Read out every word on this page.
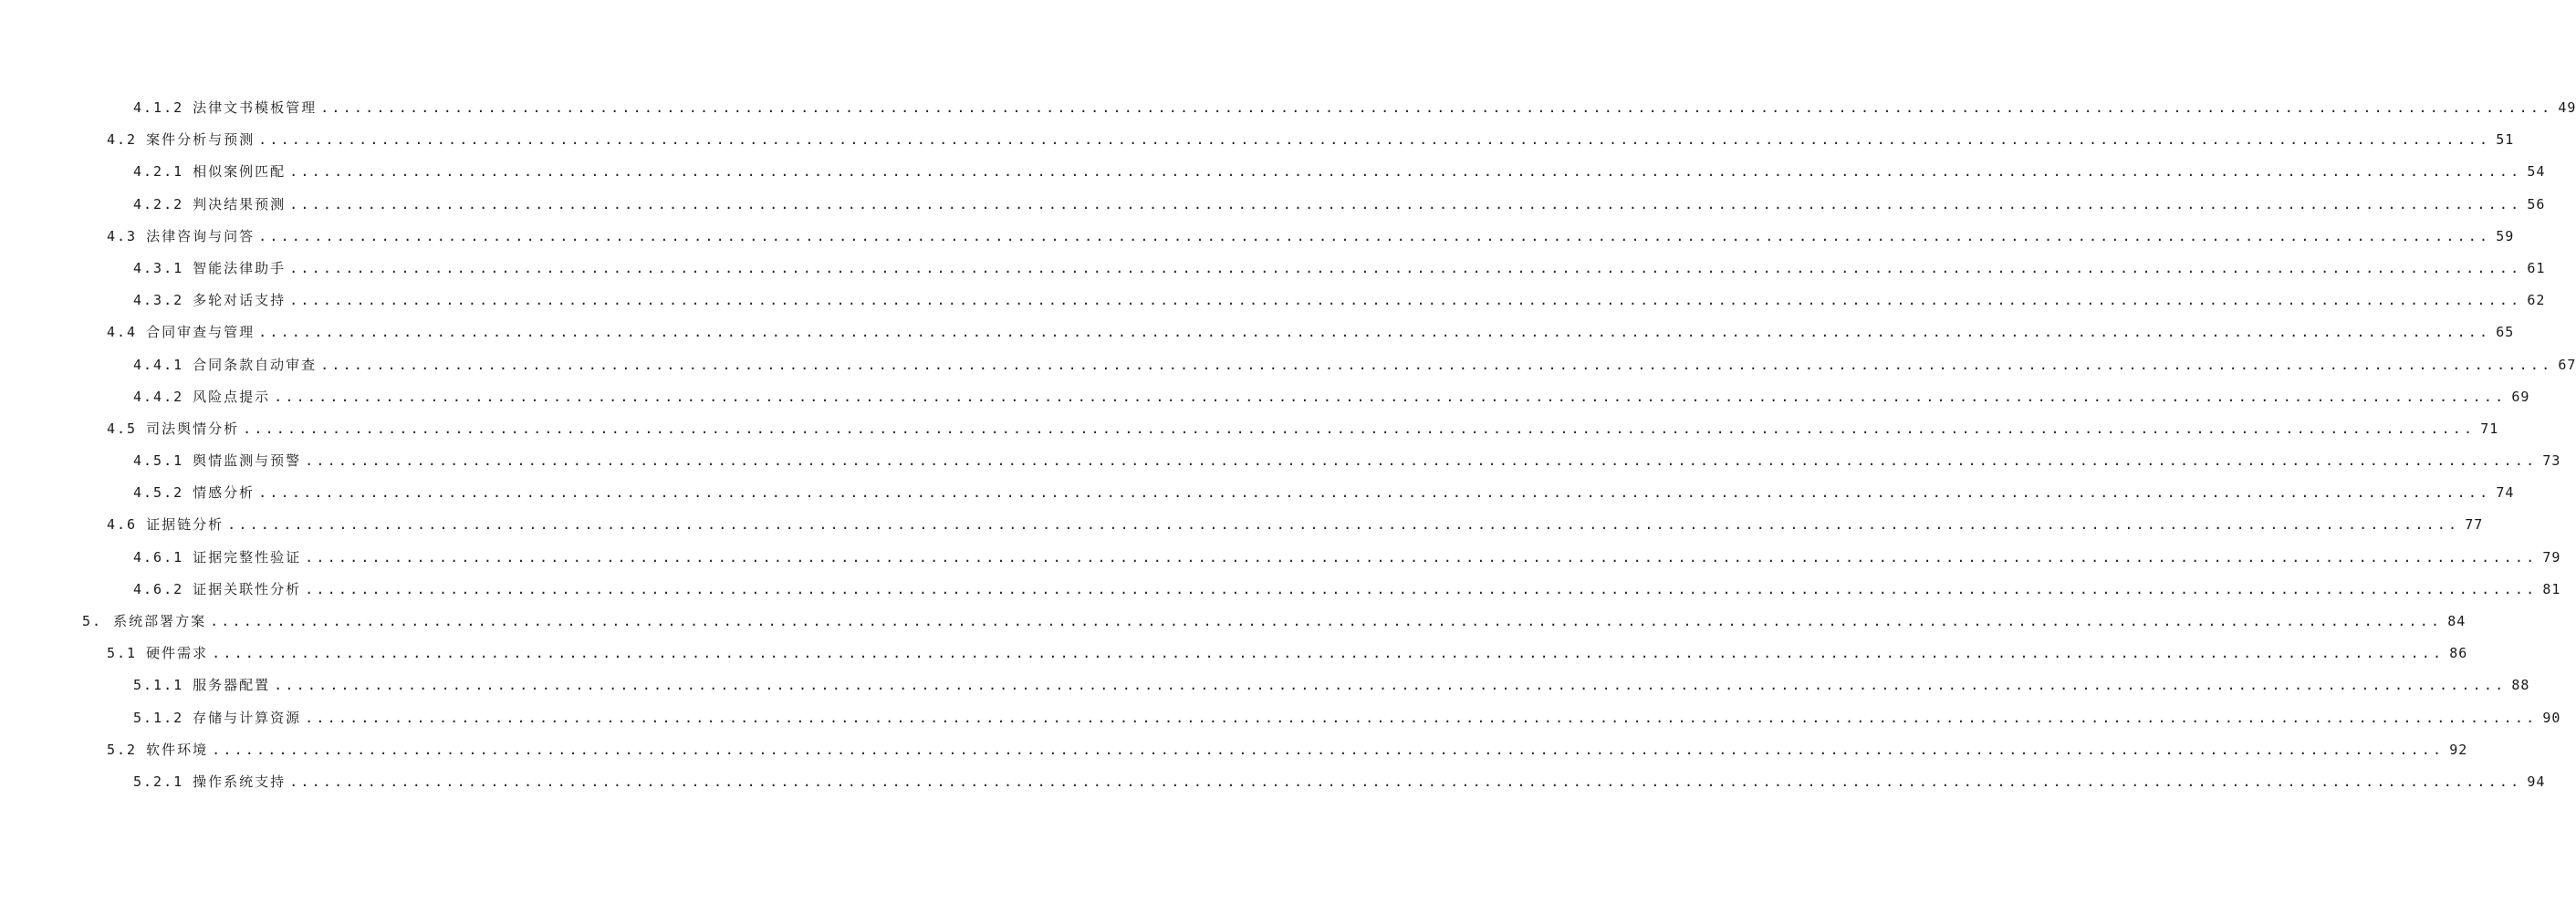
4.1.2 法律文书模板管理 ........................................................................................................................................................................................................ 49
4.2 案件分析与预测 ........................................................................................................................................................................................................ 51
4.2.1 相似案例匹配 ........................................................................................................................................................................................................ 54
4.2.2 判决结果预测 ........................................................................................................................................................................................................ 56
4.3 法律咨询与问答 ........................................................................................................................................................................................................ 59
4.3.1 智能法律助手 ........................................................................................................................................................................................................ 61
4.3.2 多轮对话支持 ........................................................................................................................................................................................................ 62
4.4 合同审查与管理 ........................................................................................................................................................................................................ 65
4.4.1 合同条款自动审查 ........................................................................................................................................................................................................ 67
4.4.2 风险点提示 ........................................................................................................................................................................................................ 69
4.5 司法舆情分析 ........................................................................................................................................................................................................ 71
4.5.1 舆情监测与预警 ........................................................................................................................................................................................................ 73
4.5.2 情感分析 ........................................................................................................................................................................................................ 74
4.6 证据链分析 ........................................................................................................................................................................................................ 77
4.6.1 证据完整性验证 ........................................................................................................................................................................................................ 79
4.6.2 证据关联性分析 ........................................................................................................................................................................................................ 81
5. 系统部署方案 ........................................................................................................................................................................................................ 84
5.1 硬件需求 ........................................................................................................................................................................................................ 86
5.1.1 服务器配置 ........................................................................................................................................................................................................ 88
5.1.2 存储与计算资源 ........................................................................................................................................................................................................ 90
5.2 软件环境 ........................................................................................................................................................................................................ 92
5.2.1 操作系统支持 ........................................................................................................................................................................................................ 94
